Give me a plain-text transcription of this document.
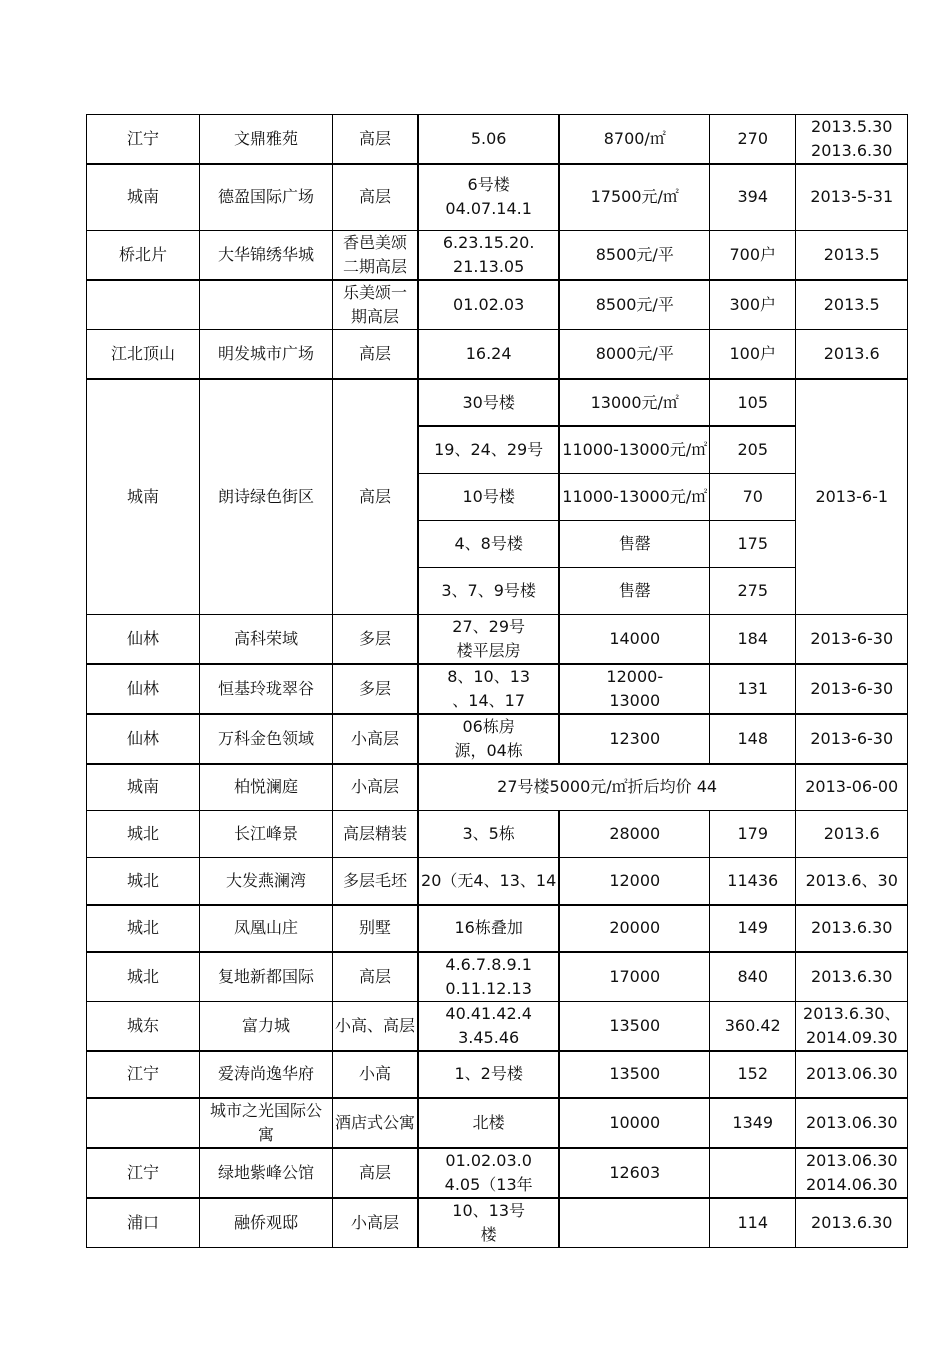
江宁	文鼎雅苑	高层	5.06	8700/㎡	270	2013.5.30
2013.6.30

城南	德盈国际广场	高层	6号楼
04.07.14.1	17500元/㎡	394	2013-5-31
桥北片	大华锦绣华城	香邑美颂
二期高层	6.23.15.20.
21.13.05	8500元/平	700户	2013.5

		乐美颂一
期高层	01.02.03	8500元/平	300户	2013.5
江北顶山	明发城市广场	高层	16.24	8000元/平	100户	2013.6
城南	朗诗绿色街区	高层	30号楼	13000元/㎡	105	2013-6-1
			19、24、29号	11000-13000元/㎡	205	
			10号楼	11000-13000元/㎡	70	
			4、8号楼	售罄	175	
			3、7、9号楼	售罄	275	
仙林	高科荣域	多层	27、29号
楼平层房	14000	184	2013-6-30
仙林	恒基玲珑翠谷	多层	8、10、13
、14、17	12000-
13000	131	2013-6-30
仙林	万科金色领域	小高层	06栋房
源，04栋	12300	148	2013-6-30
城南	柏悦澜庭	小高层	27号楼5000元/㎡折后均价 44			2013-06-00
城北	长江峰景	高层精装	3、5栋	28000	179	2013.6
城北	大发燕澜湾	多层毛坯	20（无4、13、14	12000	11436	2013.6、30
城北	凤凰山庄	别墅	16栋叠加	20000	149	2013.6.30
城北	复地新都国际	高层	4.6.7.8.9.1
0.11.12.13	17000	840	2013.6.30
城东	富力城	小高、高层	40.41.42.4
3.45.46	13500	360.42	2013.6.30、
2014.09.30

江宁	爱涛尚逸华府	小高	1、2号楼	13500	152	2013.06.30

	城市之光国际公
寓	酒店式公寓	北楼	10000	1349	2013.06.30
江宁	绿地紫峰公馆	高层	01.02.03.0
4.05（13年	12603		2013.06.30
2014.06.30

浦口	融侨观邸	小高层	10、13号
楼		114	2013.6.30
